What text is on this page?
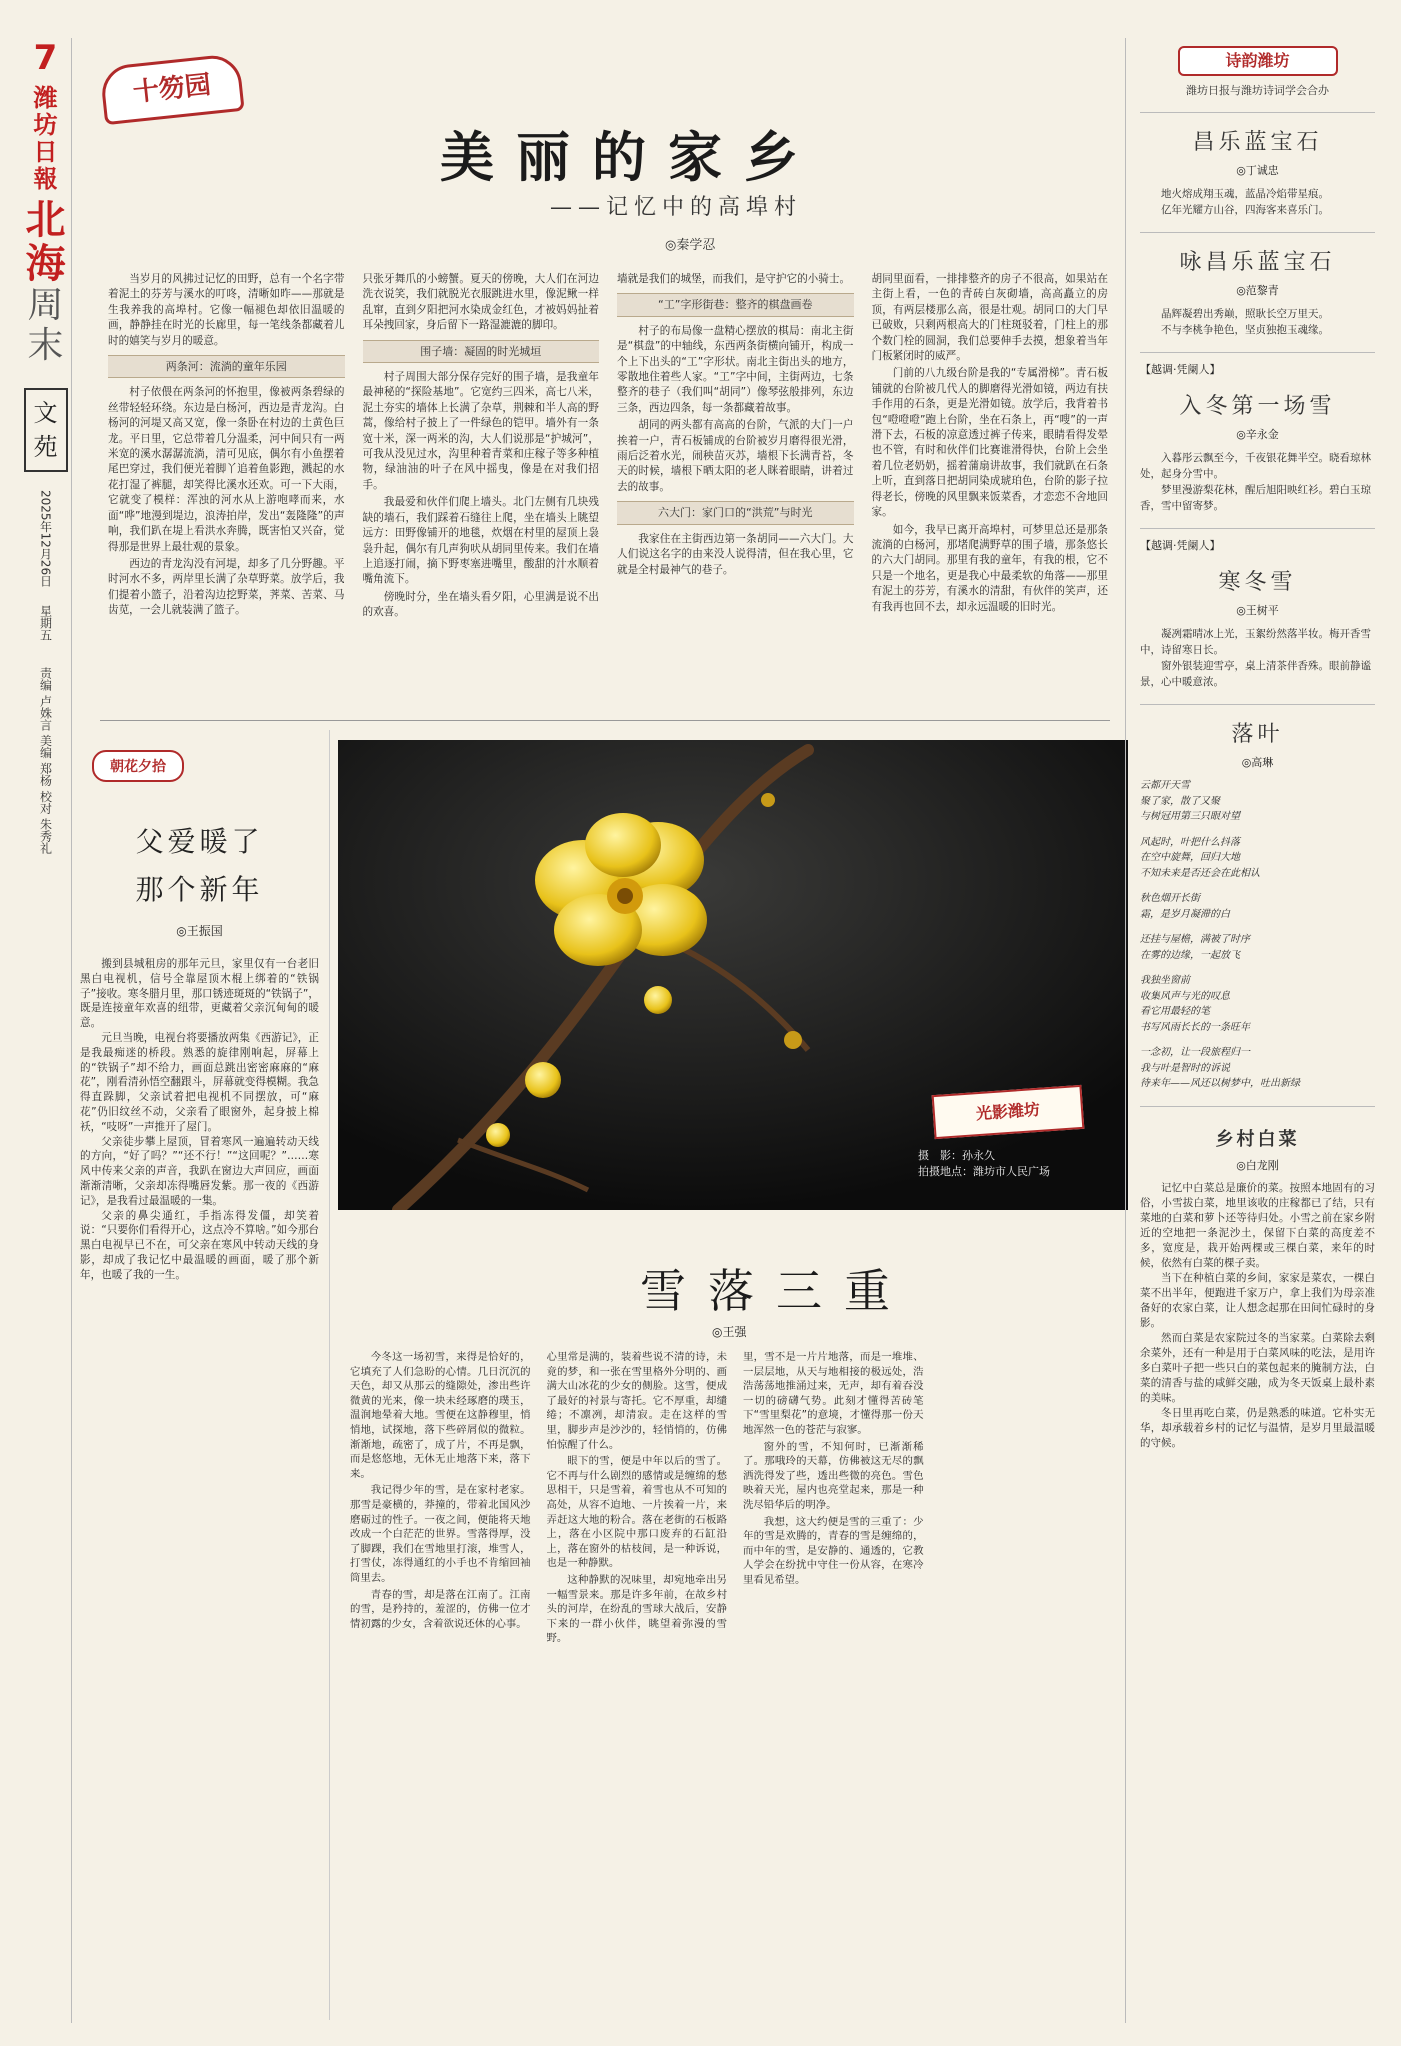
7
潍
坊
日
報
北
海
周末
文
苑
2025年12月26日
星期五
责编 卢姝言 美编 郑杨 校对 朱秀礼
十笏园
美丽的家乡
——记忆中的高埠村
◎秦学忍

当岁月的风拂过记忆的田野，总有一个名字带着泥土的芬芳与溪水的叮咚，清晰如昨——那就是生我养我的高埠村。它像一幅褪色却依旧温暖的画，静静挂在时光的长廊里，每一笔线条都藏着儿时的嬉笑与岁月的暖意。

两条河：流淌的童年乐园

村子依偎在两条河的怀抱里，像被两条碧绿的丝带轻轻环绕。东边是白杨河，西边是青龙沟。白杨河的河堤又高又宽，像一条卧在村边的土黄色巨龙。平日里，它总带着几分温柔，河中间只有一两米宽的溪水潺潺流淌，清可见底，偶尔有小鱼摆着尾巴穿过，我们便光着脚丫追着鱼影跑，溅起的水花打湿了裤腿，却笑得比溪水还欢。可一下大雨，它就变了模样：浑浊的河水从上游咆哮而来，水面“哗”地漫到堤边，浪涛拍岸，发出“轰隆隆”的声响，我们趴在堤上看洪水奔腾，既害怕又兴奋，觉得那是世界上最壮观的景象。

西边的青龙沟没有河堤，却多了几分野趣。平时河水不多，两岸里长满了杂草野菜。放学后，我们提着小篮子，沿着沟边挖野菜，荠菜、苦菜、马齿苋，一会儿就装满了篮子。

只张牙舞爪的小螃蟹。夏天的傍晚，大人们在河边洗衣说笑，我们就脱光衣服跳进水里，像泥鳅一样乱窜，直到夕阳把河水染成金红色，才被妈妈扯着耳朵拽回家，身后留下一路湿漉漉的脚印。

围子墙：凝固的时光城垣

村子周围大部分保存完好的围子墙，是我童年最神秘的“探险基地”。它宽约三四米，高七八米，泥土夯实的墙体上长满了杂草，荆棘和半人高的野蒿，像给村子披上了一件绿色的铠甲。墙外有一条宽十米，深一两米的沟，大人们说那是“护城河”，可我从没见过水，沟里种着青菜和庄稼子等多种植物，绿油油的叶子在风中摇曳，像是在对我们招手。

我最爱和伙伴们爬上墙头。北门左侧有几块残缺的墙石，我们踩着石缝往上爬，坐在墙头上眺望远方：田野像铺开的地毯，炊烟在村里的屋顶上袅袅升起，偶尔有几声狗吠从胡同里传来。我们在墙上追逐打闹，摘下野枣塞进嘴里，酸甜的汁水顺着嘴角流下。

傍晚时分，坐在墙头看夕阳，心里满是说不出的欢喜。

墙就是我们的城堡，而我们，是守护它的小骑士。

“工”字形街巷：整齐的棋盘画卷

村子的布局像一盘精心摆放的棋局：南北主街是“棋盘”的中轴线，东西两条街横向铺开，构成一个上下出头的“工”字形状。南北主街出头的地方，零散地住着些人家。“工”字中间，主街两边，七条整齐的巷子（我们叫“胡同”）像琴弦般排列，东边三条，西边四条，每一条都藏着故事。

胡同的两头都有高高的台阶，气派的大门一户挨着一户，青石板铺成的台阶被岁月磨得很光滑，雨后泛着水光，闹秧苗灭苏，墙根下长满青苔，冬天的时候，墙根下晒太阳的老人眯着眼睛，讲着过去的故事。

六大门：家门口的“洪荒”与时光

我家住在主街西边第一条胡同——六大门。大人们说这名字的由来没人说得清，但在我心里，它就是全村最神气的巷子。

胡同里面看，一排排整齐的房子不很高，如果站在主街上看，一色的青砖白灰砌墙，高高矗立的房顶，有两层楼那么高，很是壮观。胡同口的大门早已破败，只剩两根高大的门柱斑驳着，门柱上的那个数门栓的圆洞，我们总要伸手去摸，想象着当年门板紧闭时的威严。

门前的八九级台阶是我的“专属滑梯”。青石板铺就的台阶被几代人的脚磨得光滑如镜，两边有扶手作用的石条，更是光滑如镜。放学后，我背着书包“噔噔噔”跑上台阶，坐在石条上，再“嗖”的一声滑下去，石板的凉意透过裤子传来，眼睛看得发晕也不管，有时和伙伴们比赛谁滑得快，台阶上会坐着几位老奶奶，摇着蒲扇讲故事，我们就趴在石条上听，直到落日把胡同染成琥珀色，台阶的影子拉得老长，傍晚的风里飘来饭菜香，才恋恋不舍地回家。

如今，我早已离开高埠村，可梦里总还是那条流淌的白杨河，那堵爬满野草的围子墙，那条悠长的六大门胡同。那里有我的童年，有我的根，它不只是一个地名，更是我心中最柔软的角落——那里有泥土的芬芳，有溪水的清甜，有伙伴的笑声，还有我再也回不去，却永远温暖的旧时光。

朝花夕拾
父爱暖了
那个新年
◎王振国

搬到县城租房的那年元旦，家里仅有一台老旧黑白电视机，信号全靠屋顶木棍上绑着的“铁锅子”接收。寒冬腊月里，那口锈迹斑斑的“铁锅子”，既是连接童年欢喜的纽带，更藏着父亲沉甸甸的暖意。

元旦当晚，电视台将要播放两集《西游记》，正是我最痴迷的桥段。熟悉的旋律刚响起，屏幕上的“铁锅子”却不给力，画面总跳出密密麻麻的“麻花”，刚看清孙悟空翻跟斗，屏幕就变得模糊。我急得直跺脚，父亲试着把电视机不同摆放，可“麻花”仍旧纹丝不动，父亲看了眼窗外，起身披上棉袄，“吱呀”一声推开了屋门。

父亲徒步攀上屋顶，冒着寒风一遍遍转动天线的方向，“好了吗？”“还不行！”“这回呢？”……寒风中传来父亲的声音，我趴在窗边大声回应，画面渐渐清晰，父亲却冻得嘴唇发紫。那一夜的《西游记》，是我看过最温暖的一集。

父亲的鼻尖通红，手指冻得发僵，却笑着说：“只要你们看得开心，这点冷不算啥。”如今那台黑白电视早已不在，可父亲在寒风中转动天线的身影，却成了我记忆中最温暖的画面，暖了那个新年，也暖了我的一生。

光影潍坊
摄　影：孙永久
拍摄地点：潍坊市人民广场
雪落三重
◎王强

今冬这一场初雪，来得是恰好的，它填充了人们急盼的心情。几日沉沉的天色，却又从那云的缝隙处，渗出些许微黄的光来，像一块未经琢磨的璞玉，温润地晕着大地。雪便在这静穆里，悄悄地，试探地，落下些碎屑似的微粒。渐渐地，疏密了，成了片，不再是飘，而是悠悠地，无休无止地落下来，落下来。

我记得少年的雪，是在家村老家。那雪是豪横的，莽撞的，带着北国风沙磨砺过的性子。一夜之间，便能将天地改成一个白茫茫的世界。雪落得厚，没了脚踝，我们在雪地里打滚，堆雪人，打雪仗，冻得通红的小手也不肯缩回袖筒里去。

青春的雪，却是落在江南了。江南的雪，是矜持的，羞涩的，仿佛一位才情初露的少女，含着欲说还休的心事。

心里常是满的，装着些说不清的诗，未竟的梦，和一张在雪里格外分明的、画满大山冰花的少女的侧脸。这雪，便成了最好的衬景与寄托。它不厚重，却缱绻；不凛冽，却清寂。走在这样的雪里，脚步声是沙沙的，轻悄悄的，仿佛怕惊醒了什么。

眼下的雪，便是中年以后的雪了。它不再与什么剧烈的感情或是缠绵的愁思相干，只是雪着，着雪也从不可知的高处，从容不迫地、一片挨着一片，来弄赶这大地的粉合。落在老街的石板路上，落在小区院中那口废弃的石缸沿上，落在窗外的枯枝间，是一种诉说，也是一种静默。

这种静默的况味里，却宛地牵出另一幅雪景来。那是许多年前，在故乡村头的河岸，在纷乱的雪球大战后，安静下来的一群小伙伴，眺望着弥漫的雪野。

里，雪不是一片片地落，而是一堆堆、一层层地，从天与地相接的极远处，浩浩荡荡地推涌过来，无声，却有着吞没一切的磅礴气势。此刻才懂得苦砖笔下“雪里梨花”的意境，才懂得那一份天地浑然一色的苍茫与寂寥。

窗外的雪，不知何时，已渐渐稀了。那哦玲的天幕，仿佛被这无尽的飘洒洗得发了些，透出些微的亮色。雪色映着天光，屋内也亮堂起来，那是一种洗尽铅华后的明净。

我想，这大约便是雪的三重了：少年的雪是欢腾的，青春的雪是缠绵的，而中年的雪，是安静的、通透的，它教人学会在纷扰中守住一份从容，在寒冷里看见希望。

诗韵潍坊
潍坊日报与潍坊诗词学会合办
昌乐蓝宝石
◎丁诚忠

地火熔成翔玉魂，蓝晶冷焰带星痕。

亿年光耀方山谷，四海客来喜乐门。

咏昌乐蓝宝石
◎范黎青

晶辉凝碧出秀巅，照耿长空万里天。

不与李桃争艳色，坚贞独抱玉魂缘。

【越调·凭阑人】
入冬第一场雪
◎辛永金

入暮彤云飘至今，千夜银花舞半空。晓看琼林处，起身分雪中。

梦里漫游梨花林，醒后旭阳映红衫。碧白玉琼香，雪中留寄梦。

【越调·凭阑人】
寒冬雪
◎王树平

凝冽霜晴冰上光，玉絮纷然落半妆。梅开香雪中，诗留寒日长。

窗外银装迎雪亭，桌上清茶伴香殊。眼前静谧景，心中暖意浓。

落叶
◎高琳
云都开天雪
聚了家，散了又聚
与树冠用第三只眼对望
风起时，叶把什么抖落
在空中旋舞，回归大地
不知未来是否还会在此相认
秋色烟开长街
霜，是岁月凝滞的白
还挂与屋檐，满被了时序
在雾的边缘，一起放飞
我独坐窗前
收集风声与光的叹息
看它用最轻的笔
书写风雨长长的一条旺年
一念初，让一段旅程归一
我与叶是智时的诉说
待来年——风还以树梦中，吐出新绿
乡村白菜
◎白龙刚

记忆中白菜总是廉价的菜。按照本地固有的习俗，小雪拔白菜，地里该收的庄稼都已了结，只有菜地的白菜和萝卜还等待归处。小雪之前在家乡附近的空地把一条泥沙土，保留下白菜的高度差不多，宽度是，栽开始两棵或三棵白菜，来年的时候，依然有白菜的棵子卖。

当下在种植白菜的乡间，家家是菜农，一棵白菜不出半年，便跑进千家万户，拿上我们为母亲准备好的农家白菜，让人想念起那在田间忙碌时的身影。

然而白菜是农家院过冬的当家菜。白菜除去剩余菜外，还有一种是用于白菜风味的吃法，是用许多白菜叶子把一些只白的菜包起来的腌制方法，白菜的清香与盐的咸鲜交融，成为冬天饭桌上最朴素的美味。

冬日里再吃白菜，仍是熟悉的味道。它朴实无华，却承载着乡村的记忆与温情，是岁月里最温暖的守候。
